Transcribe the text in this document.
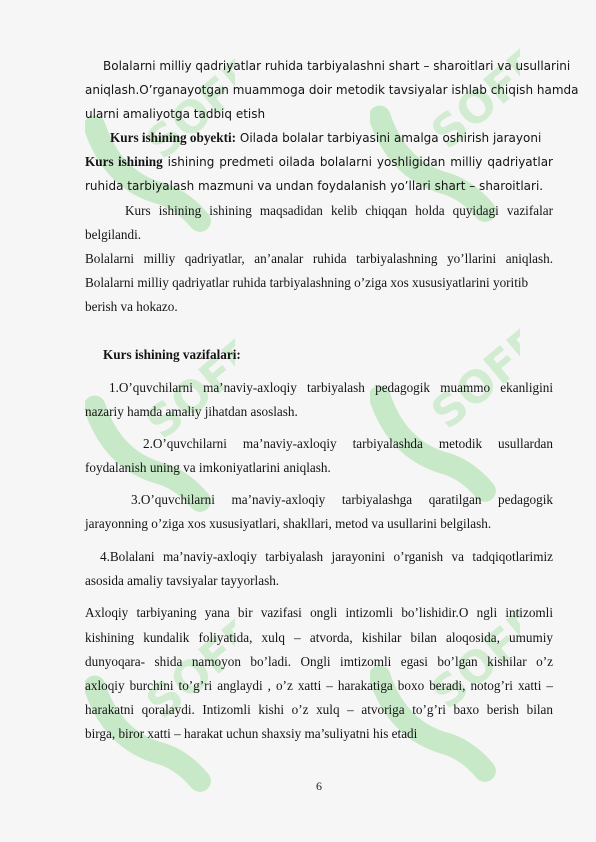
SOFF	SOFF
SOFF	SOFF
SOFF	SOFF
Bolalarni milliy qadriyatlar ruhida tarbiyalashni shart – sharoitlari va usullarini
aniqlash.O’rganayotgan muammoga doir metodik tavsiyalar ishlab chiqish hamda
ularni amaliyotga tadbiq etish
Kurs ishining obyekti: Oilada bolalar tarbiyasini amalga oshirish jarayoni
Kurs ishining ishining predmeti oilada bolalarni yoshligidan milliy qadriyatlar
ruhida tarbiyalash mazmuni va undan foydalanish yo’llari shart – sharoitlari.
Kurs ishining ishining maqsadidan kelib chiqqan holda quyidagi vazifalar
belgilandi.
Bolalarni milliy qadriyatlar, an’analar ruhida tarbiyalashning yo’llarini aniqlash.
Bolalarni milliy qadriyatlar ruhida tarbiyalashning o’ziga xos xususiyatlarini yoritib
berish va hokazo.
Kurs ishining vazifalari:
1.O’quvchilarni ma’naviy-axloqiy tarbiyalash pedagogik muammo ekanligini
nazariy hamda amaliy jihatdan asoslash.
2.O’quvchilarni ma’naviy-axloqiy tarbiyalashda metodik usullardan
foydalanish uning va imkoniyatlarini aniqlash.
3.O’quvchilarni ma’naviy-axloqiy tarbiyalashga qaratilgan pedagogik
jarayonning o’ziga xos xususiyatlari, shakllari, metod va usullarini belgilash.
4.Bolalani ma’naviy-axloqiy tarbiyalash jarayonini o’rganish va tadqiqotlarimiz
asosida amaliy tavsiyalar tayyorlash.
Axloqiy tarbiyaning yana bir vazifasi ongli intizomli bo’lishidir.O ngli intizomli
kishining kundalik foliyatida, xulq – atvorda, kishilar bilan aloqosida, umumiy
dunyoqara- shida namoyon bo’ladi. Ongli imtizomli egasi bo’lgan kishilar o’z
axloqiy burchini to’g’ri anglaydi , o’z xatti – harakatiga boxo beradi, notog’ri xatti –
harakatni qoralaydi. Intizomli kishi o’z xulq – atvoriga to’g’ri baxo berish bilan
birga, biror xatti – harakat uchun shaxsiy ma’suliyatni his etadi
6
